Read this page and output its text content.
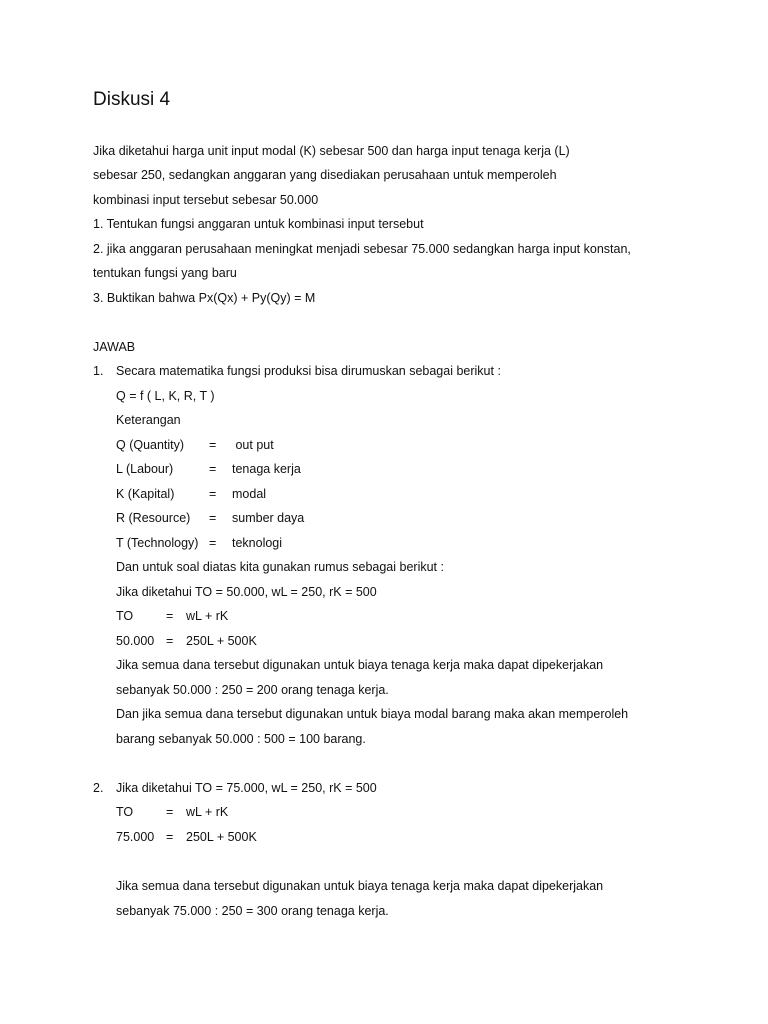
Diskusi 4
Jika diketahui harga unit input modal (K) sebesar 500 dan harga input tenaga kerja (L)
sebesar 250, sedangkan anggaran yang disediakan perusahaan untuk memperoleh
kombinasi input tersebut sebesar 50.000
1. Tentukan fungsi anggaran untuk kombinasi input tersebut
2. jika anggaran perusahaan meningkat menjadi sebesar 75.000 sedangkan harga input konstan,
tentukan fungsi yang baru
3. Buktikan bahwa Px(Qx) + Py(Qy) = M
JAWAB
1. Secara matematika fungsi produksi bisa dirumuskan sebagai berikut :
Q = f ( L, K, R, T )
Keterangan
Q (Quantity) = out put
L (Labour)	= tenaga kerja
K (Kapital)	= modal
R (Resource) = sumber daya
T (Technology) = teknologi
Dan untuk soal diatas kita gunakan rumus sebagai berikut :
Jika diketahui TO = 50.000, wL = 250, rK = 500
TO	= wL + rK
50.000 = 250L + 500K
Jika semua dana tersebut digunakan untuk biaya tenaga kerja maka dapat dipekerjakan
sebanyak 50.000 : 250 = 200 orang tenaga kerja.
Dan jika semua dana tersebut digunakan untuk biaya modal barang maka akan memperoleh
barang sebanyak 50.000 : 500 = 100 barang.
2. Jika diketahui TO = 75.000, wL = 250, rK = 500
TO	= wL + rK
75.000 = 250L + 500K
Jika semua dana tersebut digunakan untuk biaya tenaga kerja maka dapat dipekerjakan
sebanyak 75.000 : 250 = 300 orang tenaga kerja.
